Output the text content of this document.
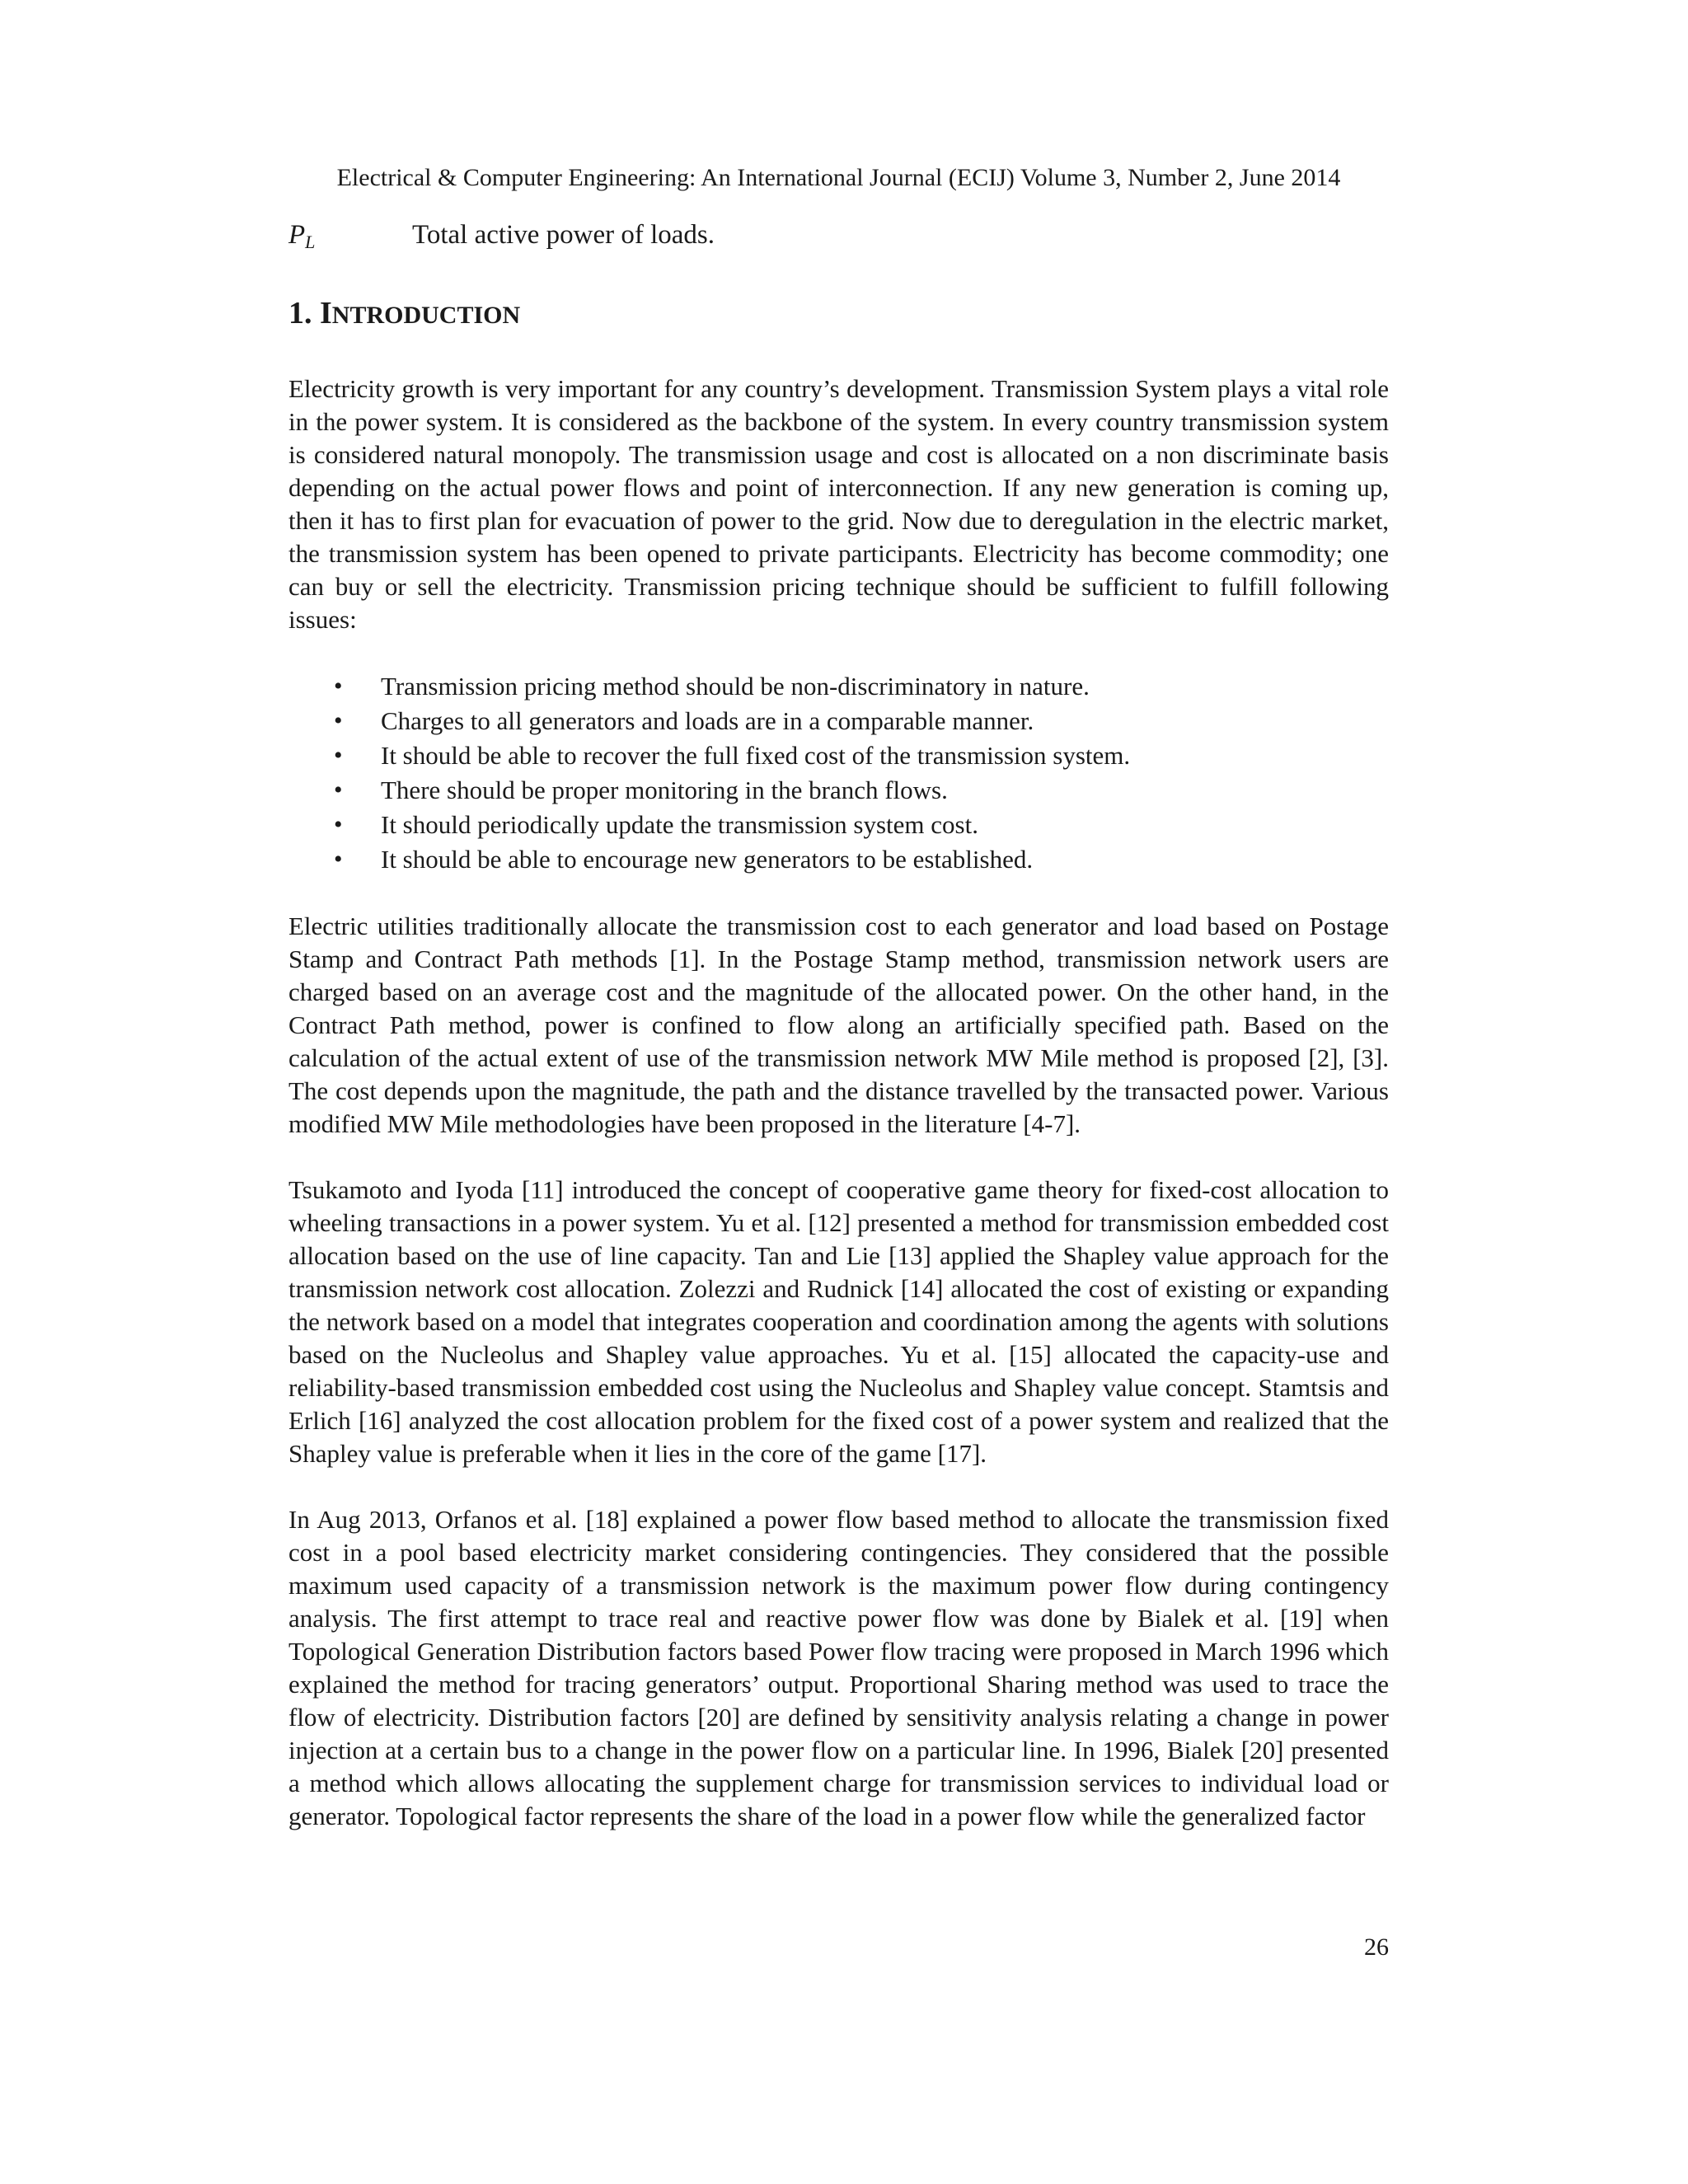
Electrical & Computer Engineering: An International Journal (ECIJ) Volume 3, Number 2, June 2014
$P_L$	Total active power of loads.
1. INTRODUCTION

Electricity growth is very important for any country’s development. Transmission System plays a vital role in the power system. It is considered as the backbone of the system. In every country transmission system is considered natural monopoly. The transmission usage and cost is allocated on a non discriminate basis depending on the actual power flows and point of interconnection. If any new generation is coming up, then it has to first plan for evacuation of power to the grid. Now due to deregulation in the electric market, the transmission system has been opened to private participants. Electricity has become commodity; one can buy or sell the electricity. Transmission pricing technique should be sufficient to fulfill following issues:

• Transmission pricing method should be non-discriminatory in nature.
• Charges to all generators and loads are in a comparable manner.
• It should be able to recover the full fixed cost of the transmission system.
• There should be proper monitoring in the branch flows.
• It should periodically update the transmission system cost.
• It should be able to encourage new generators to be established.

Electric utilities traditionally allocate the transmission cost to each generator and load based on Postage Stamp and Contract Path methods [1]. In the Postage Stamp method, transmission network users are charged based on an average cost and the magnitude of the allocated power. On the other hand, in the Contract Path method, power is confined to flow along an artificially specified path. Based on the calculation of the actual extent of use of the transmission network MW Mile method is proposed [2], [3]. The cost depends upon the magnitude, the path and the distance travelled by the transacted power. Various modified MW Mile methodologies have been proposed in the literature [4-7].

Tsukamoto and Iyoda [11] introduced the concept of cooperative game theory for fixed-cost allocation to wheeling transactions in a power system. Yu et al. [12] presented a method for transmission embedded cost allocation based on the use of line capacity. Tan and Lie [13] applied the Shapley value approach for the transmission network cost allocation. Zolezzi and Rudnick [14] allocated the cost of existing or expanding the network based on a model that integrates cooperation and coordination among the agents with solutions based on the Nucleolus and Shapley value approaches. Yu et al. [15] allocated the capacity-use and reliability-based transmission embedded cost using the Nucleolus and Shapley value concept. Stamtsis and Erlich [16] analyzed the cost allocation problem for the fixed cost of a power system and realized that the Shapley value is preferable when it lies in the core of the game [17].

In Aug 2013, Orfanos et al. [18] explained a power flow based method to allocate the transmission fixed cost in a pool based electricity market considering contingencies. They considered that the possible maximum used capacity of a transmission network is the maximum power flow during contingency analysis. The first attempt to trace real and reactive power flow was done by Bialek et al. [19] when Topological Generation Distribution factors based Power flow tracing were proposed in March 1996 which explained the method for tracing generators’ output. Proportional Sharing method was used to trace the flow of electricity. Distribution factors [20] are defined by sensitivity analysis relating a change in power injection at a certain bus to a change in the power flow on a particular line. In 1996, Bialek [20] presented a method which allows allocating the supplement charge for transmission services to individual load or generator. Topological factor represents the share of the load in a power flow while the generalized factor

26
